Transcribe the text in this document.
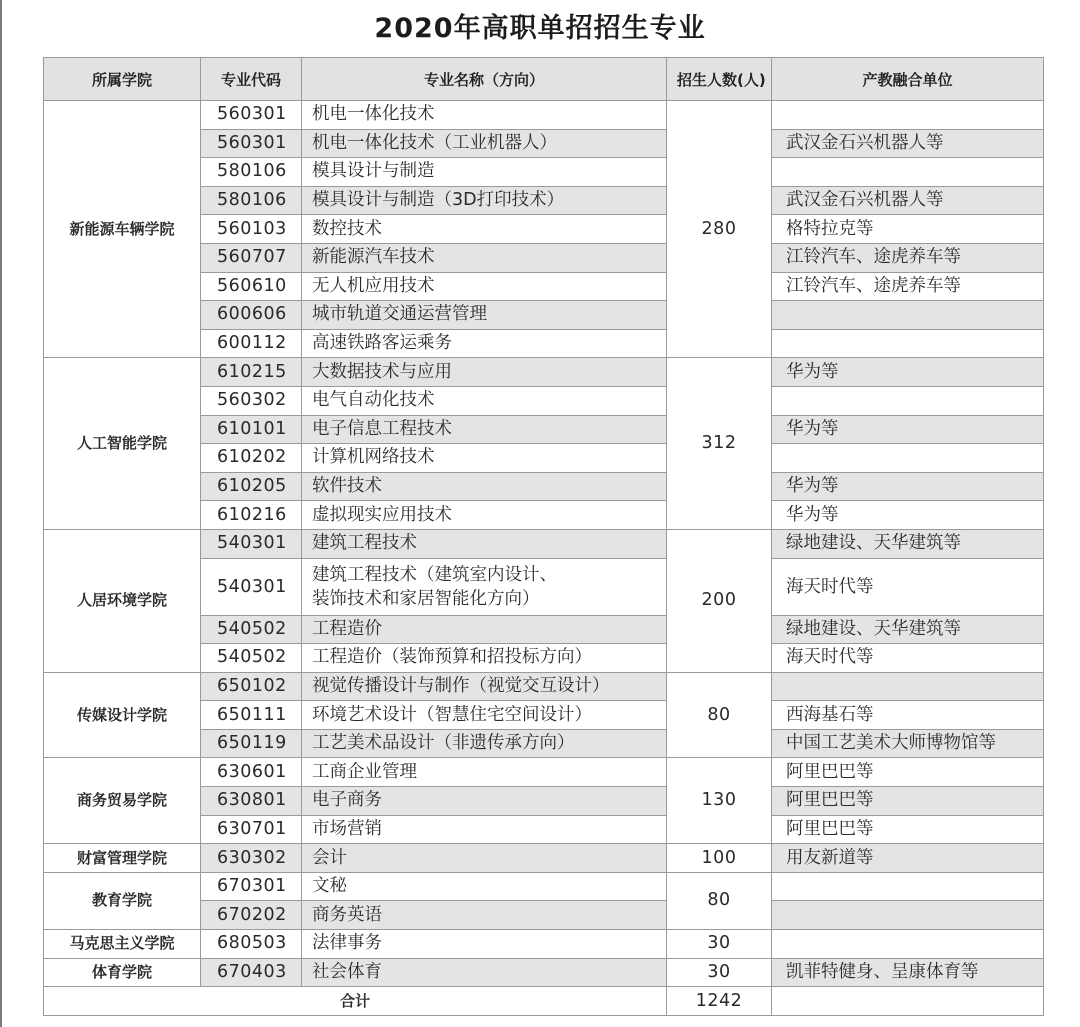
2020年高职单招招生专业
所属学院	专业代码	专业名称（方向）	招生人数(人)	产教融合单位
新能源车辆学院	560301	机电一体化技术	280	
	560301	机电一体化技术（工业机器人）		武汉金石兴机器人等
	580106	模具设计与制造		
	580106	模具设计与制造（3D打印技术）		武汉金石兴机器人等
	560103	数控技术		格特拉克等
	560707	新能源汽车技术		江铃汽车、途虎养车等
	560610	无人机应用技术		江铃汽车、途虎养车等
	600606	城市轨道交通运营管理		
	600112	高速铁路客运乘务		
人工智能学院	610215	大数据技术与应用	312	华为等
	560302	电气自动化技术		
	610101	电子信息工程技术		华为等
	610202	计算机网络技术		
	610205	软件技术		华为等
	610216	虚拟现实应用技术		华为等
人居环境学院	540301	建筑工程技术	200	绿地建设、天华建筑等
	540301	建筑工程技术（建筑室内设计、
装饰技术和家居智能化方向）		海天时代等
	540502	工程造价		绿地建设、天华建筑等
	540502	工程造价（装饰预算和招投标方向）		海天时代等
传媒设计学院	650102	视觉传播设计与制作（视觉交互设计）	80	
	650111	环境艺术设计（智慧住宅空间设计）		西海基石等
	650119	工艺美术品设计（非遗传承方向）		中国工艺美术大师博物馆等
商务贸易学院	630601	工商企业管理	130	阿里巴巴等
	630801	电子商务		阿里巴巴等
	630701	市场营销		阿里巴巴等
财富管理学院	630302	会计	100	用友新道等
教育学院	670301	文秘	80	
	670202	商务英语		
马克思主义学院	680503	法律事务	30	
体育学院	670403	社会体育	30	凯菲特健身、呈康体育等
合计			1242	
